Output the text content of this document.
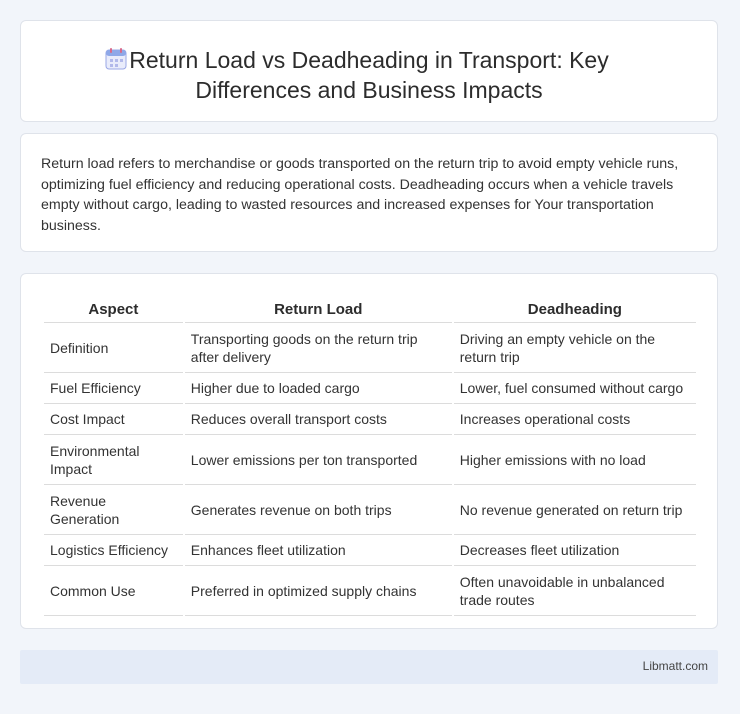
Return Load vs Deadheading in Transport: Key
Differences and Business Impacts

Return load refers to merchandise or goods transported on the return trip to avoid empty vehicle runs, optimizing fuel efficiency and reducing operational costs. Deadheading occurs when a vehicle travels empty without cargo, leading to wasted resources and increased expenses for Your transportation business.

Aspect	Return Load	Deadheading
Definition	Transporting goods on the return trip after delivery	Driving an empty vehicle on the return trip
Fuel Efficiency	Higher due to loaded cargo	Lower, fuel consumed without cargo
Cost Impact	Reduces overall transport costs	Increases operational costs
Environmental Impact	Lower emissions per ton transported	Higher emissions with no load
Revenue Generation	Generates revenue on both trips	No revenue generated on return trip
Logistics Efficiency	Enhances fleet utilization	Decreases fleet utilization
Common Use	Preferred in optimized supply chains	Often unavoidable in unbalanced trade routes
Libmatt.com
